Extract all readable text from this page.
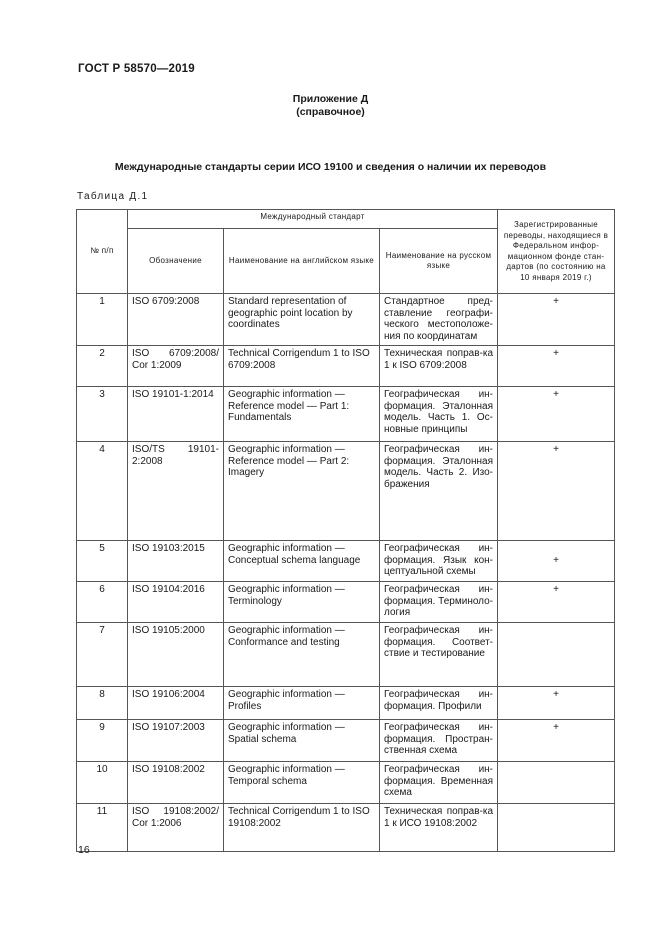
ГОСТ Р 58570—2019
Приложение Д
(справочное)
Международные стандарты серии ИСО 19100 и сведения о наличии их переводов
Таблица Д.1
№ п/п	Международный стандарт			Зарегистрированные переводы, находящиеся в Федеральном инфор-мационном фонде стан-дартов (по состоянию на 10 января 2019 г.)
	Обозначение	Наименование на английском языке	Наименование на русском языке	
1	ISO 6709:2008	Standard representation of geographic point location by coordinates	Стандартное пред-ставление географи-ческого местоположе-ния по координатам	+
2	ISO 6709:2008/ Cor 1:2009	Technical Corrigendum 1 to ISO 6709:2008	Техническая поправ-ка 1 к ISO 6709:2008	+
3	ISO 19101-1:2014	Geographic information — Reference model — Part 1: Fundamentals	Географическая ин-формация. Эталонная модель. Часть 1. Ос-новные принципы	+
4	ISO/TS 19101-2:2008	Geographic information — Reference model — Part 2: Imagery	Географическая ин-формация. Эталонная модель. Часть 2. Изо-бражения	+
5	ISO 19103:2015	Geographic information — Conceptual schema language	Географическая ин-формация. Язык кон-цептуальной схемы	+
6	ISO 19104:2016	Geographic information — Terminology	Географическая ин-формация. Терминоло-логия	+
7	ISO 19105:2000	Geographic information — Conformance and testing	Географическая ин-формация. Соответ-ствие и тестирование	
8	ISO 19106:2004	Geographic information — Profiles	Географическая ин-формация. Профили	+
9	ISO 19107:2003	Geographic information — Spatial schema	Географическая ин-формация. Простран-ственная схема	+
10	ISO 19108:2002	Geographic information — Temporal schema	Географическая ин-формация. Временная схема	
11	ISO 19108:2002/ Cor 1:2006	Technical Corrigendum 1 to ISO 19108:2002	Техническая поправ-ка 1 к ИСО 19108:2002	
16
